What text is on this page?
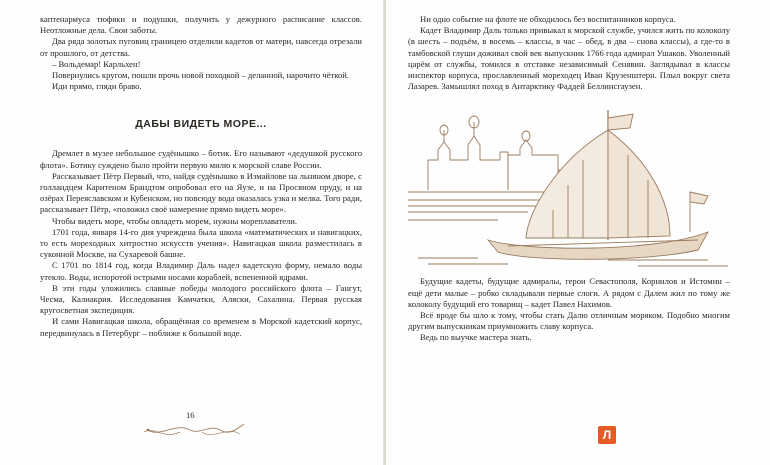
каптенармуса тюфяки и подушки, получить у дежурного расписание классов. Неотложные дела. Свои заботы.

Два ряда золотых пуговиц границею отделили кадетов от матери, навсегда отрезали от прошлого, от детства.

– Вольдемар! Карльхен!

Повернулись кругом, пошли прочь новой походкой – деланной, нарочито чёткой.

Иди прямо, гляди браво.

ДАБЫ ВИДЕТЬ МОРЕ...

Дремлет в музее небольшое судёнышко – ботик. Его называют «дедушкой русского флота». Ботику суждено было пройти первую милю к морской славе России.

Рассказывает Пётр Первый, что, найдя судёнышко в Измайлове на льняном дворе, с голландцем Каритеном Брандтом опробовал его на Яузе, и на Просяном пруду, и на озёрах Переяславском и Кубенском, но повсюду вода оказалась узка и мелка. Того ради, рассказывает Пётр, «положил своё намерение прямо видеть море».

Чтобы видеть море, чтобы овладеть морем, нужны мореплаватели.

1701 года, января 14-го дня учреждена была школа «математических и навигацких, то есть мореходных хитростно искусств учения». Навигацкая школа разместилась в суконной Москве, на Сухаревой башне.

С 1701 по 1814 год, когда Владимир Даль надел кадетскую форму, немало воды утекло. Воды, испоротой острыми носами кораблей, вспененной ядрами.

В эти годы уложились славные победы молодого российского флота – Гангут, Чесма, Калиакрия. Исследования Камчатки, Аляски, Сахалина. Первая русская кругосветная экспедиция.

И сами Навигацкая школа, обращённая со временем в Морской кадетский корпус, передвинулась в Петербург – поближе к большой воде.

16

Ни одно событие на флоте не обходилось без воспитанников корпуса.

Кадет Владимир Даль только привыкал к морской службе, учился жить по колоколу (в шесть – подъём, в восемь – классы, в час – обед, в два – снова классы), а где-то в тамбовской глуши доживал свой век выпускник 1766 года адмирал Ушаков. Уволенный царём от службы, томился в отставке независимый Сенявин. Заглядывал в классы инспектор корпуса, прославленный мореходец Иван Крузенштерн. Плыл вокруг света Лазарев. Замышлял поход в Антарктику Фаддей Беллинсгаузен.

Будущие кадеты, будущие адмиралы, герои Севастополя, Корнилов и Истомин – ещё дети малые – робко складывали первые слоги. А рядом с Далем жил по тому же колоколу будущий его товарищ – кадет Павел Нахимов.

Всё вроде бы шло к тому, чтобы стать Далю отличным моряком. Подобно многим другим выпускникам приумножить славу корпуса.

Ведь по выучке мастера знать.

Л
